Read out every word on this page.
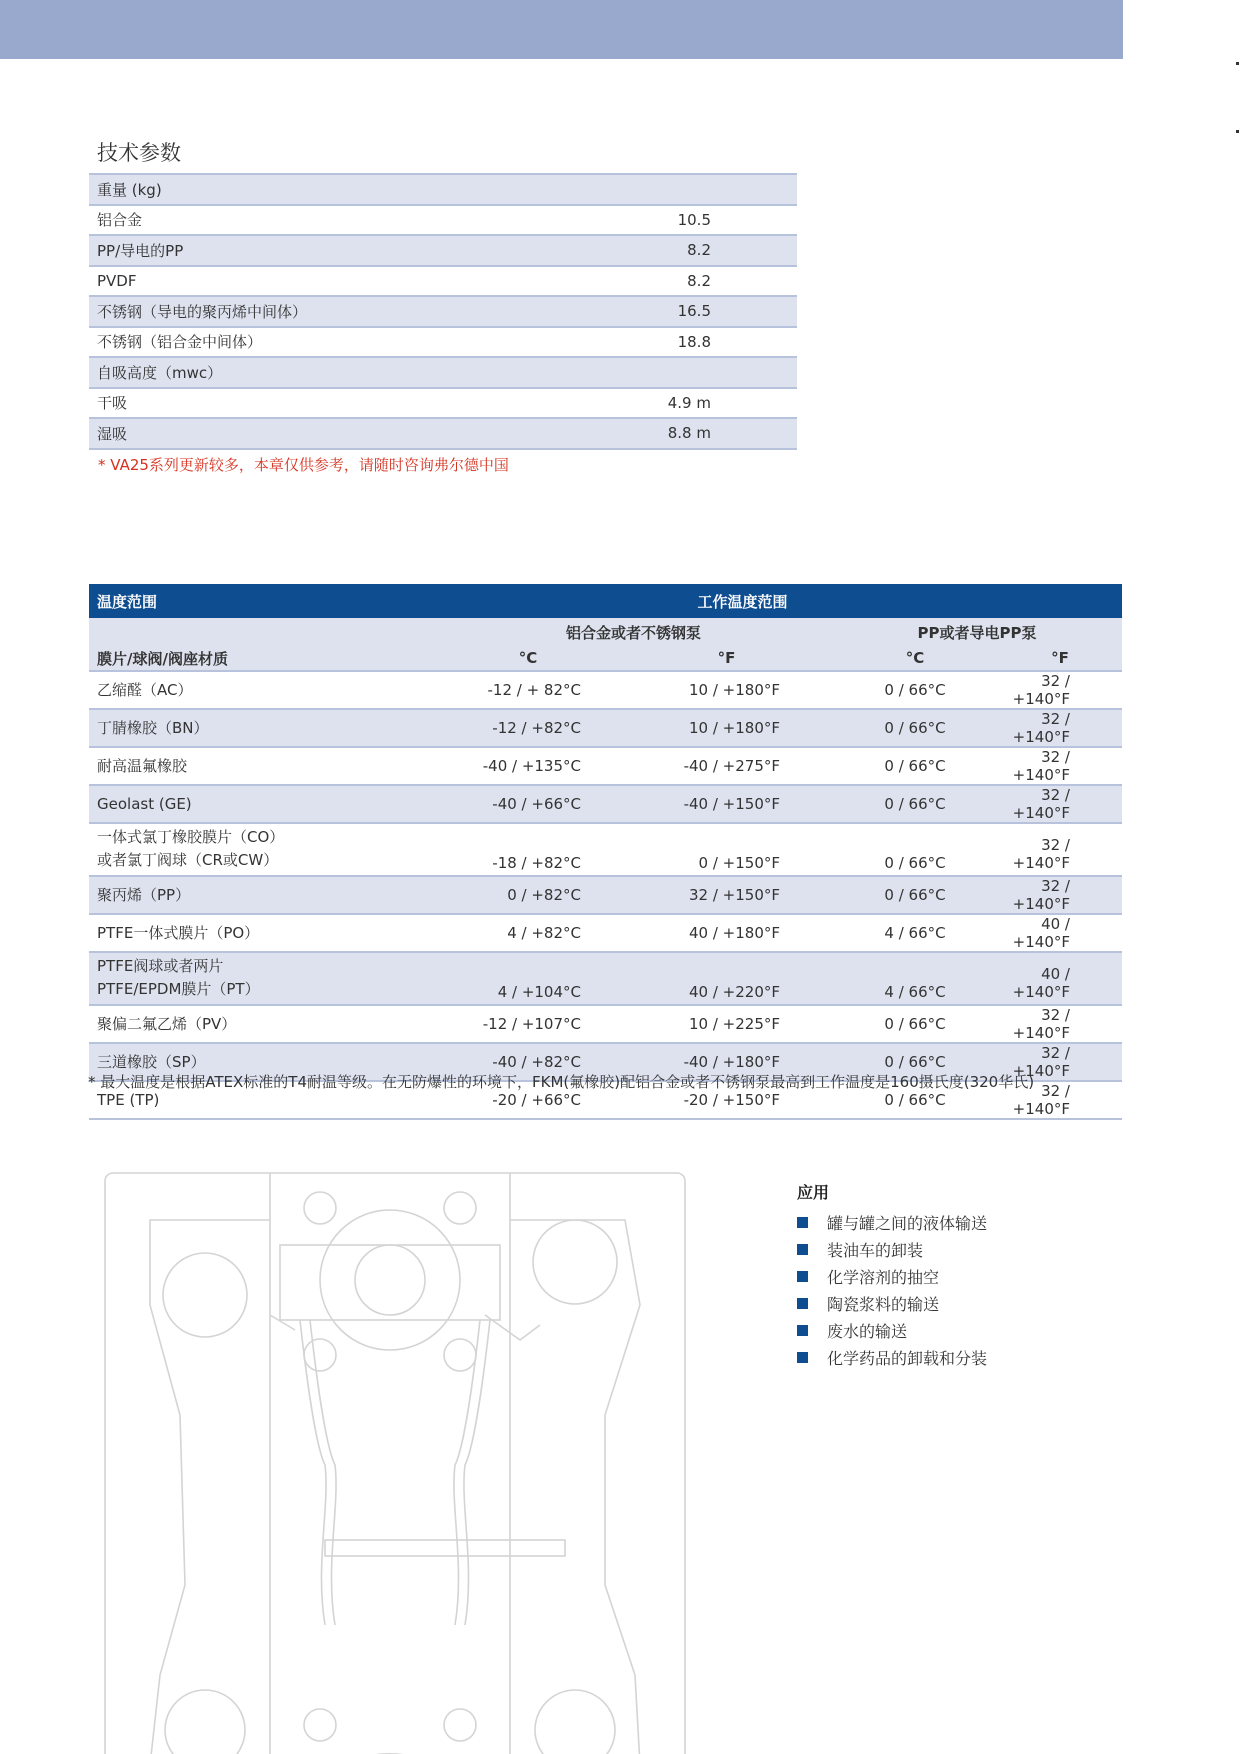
技术参数
重量 (kg)	
铝合金	10.5
PP/导电的PP	8.2
PVDF	8.2
不锈钢（导电的聚丙烯中间体）	16.5
不锈钢（铝合金中间体）	18.8
自吸高度（mwc）	
干吸	4.9 m
湿吸	8.8 m
* VA25系列更新较多，本章仅供参考，请随时咨询弗尔德中国
温度范围	工作温度范围			
	铝合金或者不锈钢泵		PP或者导电PP泵	
膜片/球阀/阀座材质	°C	°F	°C	°F

乙缩醛（AC）	-12 / + 82°C	10 / +180°F	0 / 66°C	32 / +140°F

丁腈橡胶（BN）	-12 / +82°C	10 / +180°F	0 / 66°C	32 / +140°F

耐高温氟橡胶	-40 / +135°C	-40 / +275°F	0 / 66°C	32 / +140°F

Geolast (GE)	-40 / +66°C	-40 / +150°F	0 / 66°C	32 / +140°F

一体式氯丁橡胶膜片（CO）
或者氯丁阀球（CR或CW）	-18 / +82°C	0 / +150°F	0 / 66°C	32 / +140°F

聚丙烯（PP）	0 / +82°C	32 / +150°F	0 / 66°C	32 / +140°F

PTFE一体式膜片（PO）	4 / +82°C	40 / +180°F	4 / 66°C	40 / +140°F

PTFE阀球或者两片
PTFE/EPDM膜片（PT）	4 / +104°C	40 / +220°F	4 / 66°C	40 / +140°F

聚偏二氟乙烯（PV）	-12 / +107°C	10 / +225°F	0 / 66°C	32 / +140°F

三道橡胶（SP）	-40 / +82°C	-40 / +180°F	0 / 66°C	32 / +140°F

TPE (TP)	-20 / +66°C	-20 / +150°F	0 / 66°C	32 / +140°F
* 最大温度是根据ATEX标准的T4耐温等级。在无防爆性的环境下，FKM(氟橡胶)配铝合金或者不锈钢泵最高到工作温度是160摄氏度(320华氏)
应用
罐与罐之间的液体输送
装油车的卸装
化学溶剂的抽空
陶瓷浆料的输送
废水的输送
化学药品的卸载和分装
